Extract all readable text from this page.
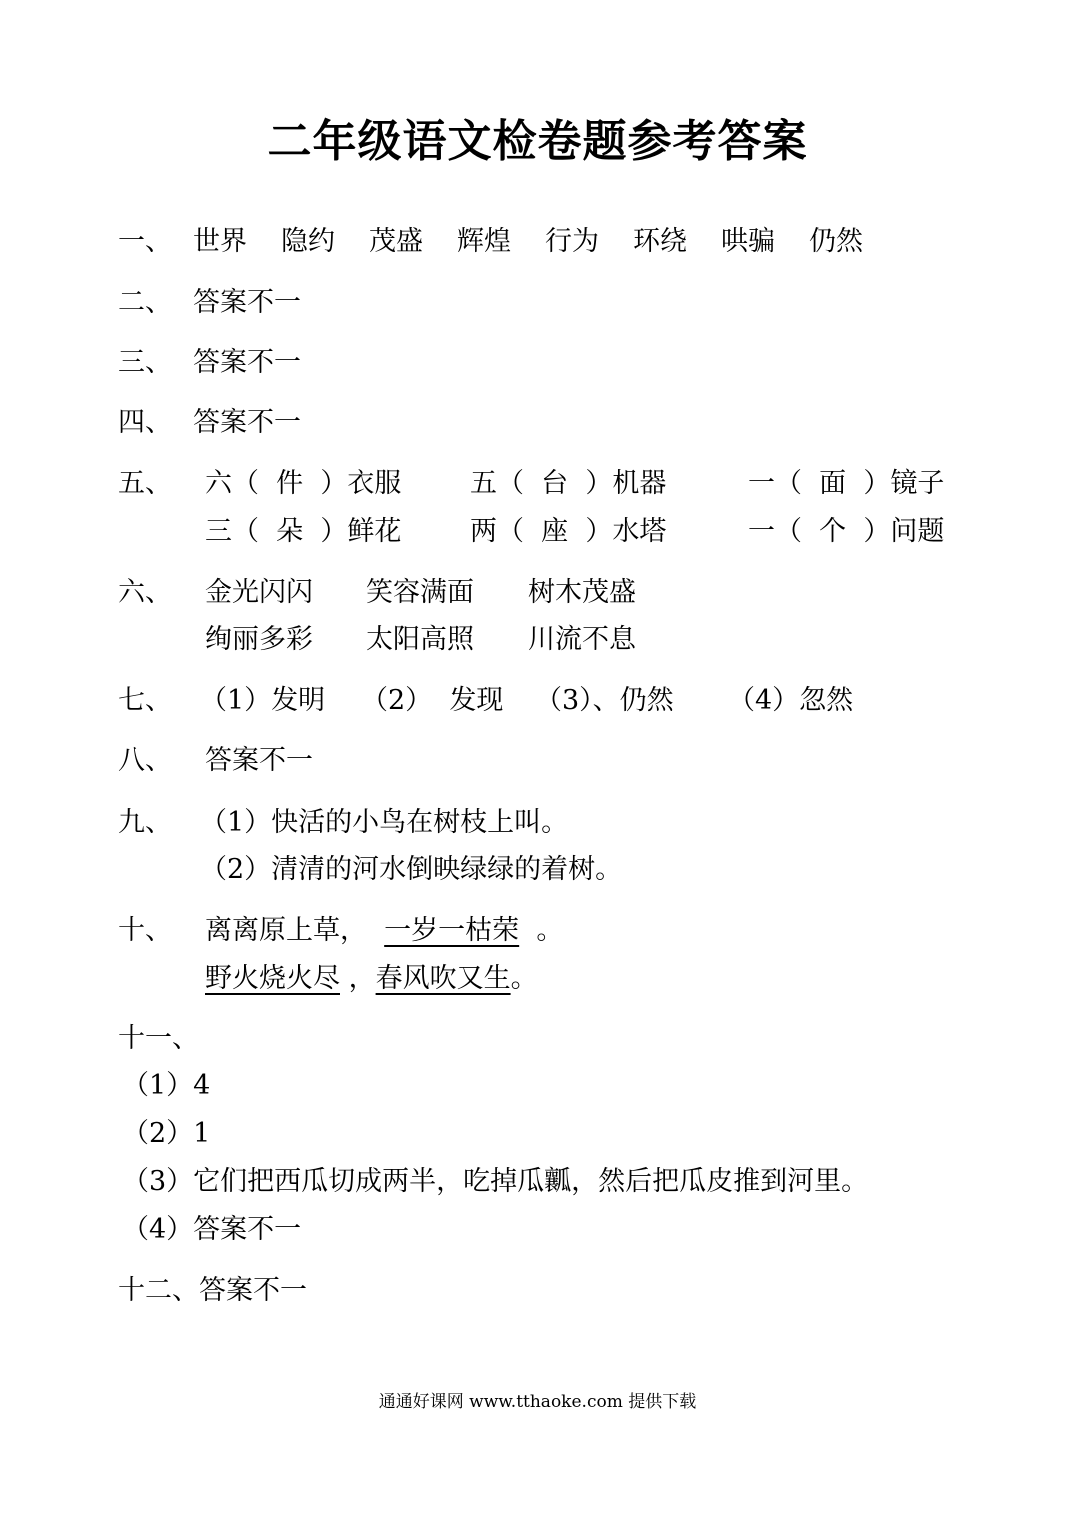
二年级语文检卷题参考答案
一、 世界 隐约 茂盛 辉煌 行为 环绕 哄骗 仍然
二、 答案不一
三、 答案不一
四、 答案不一
五、 六（  件  ）衣服	五（  台  ）机器	一（  面  ）镜子
三（  朵  ）鲜花	两（  座  ）水塔	一（  个  ）问题
六、 金光闪闪 笑容满面 树木茂盛
绚丽多彩 太阳高照 川流不息
七、 （1）发明 （2）  发现 （3）、仍然 （4）忽然
八、 答案不一
九、 （1）快活的小鸟在树枝上叫。
（2）清清的河水倒映绿绿的着树。
十、 离离原上草， 一岁一枯荣 。
野火烧火尽 ，春风吹又生。
十一、
（1）4
（2）1
（3）它们把西瓜切成两半，吃掉瓜瓤，然后把瓜皮推到河里。
（4）答案不一
十二、答案不一
通通好课网 www.tthaoke.com 提供下载
